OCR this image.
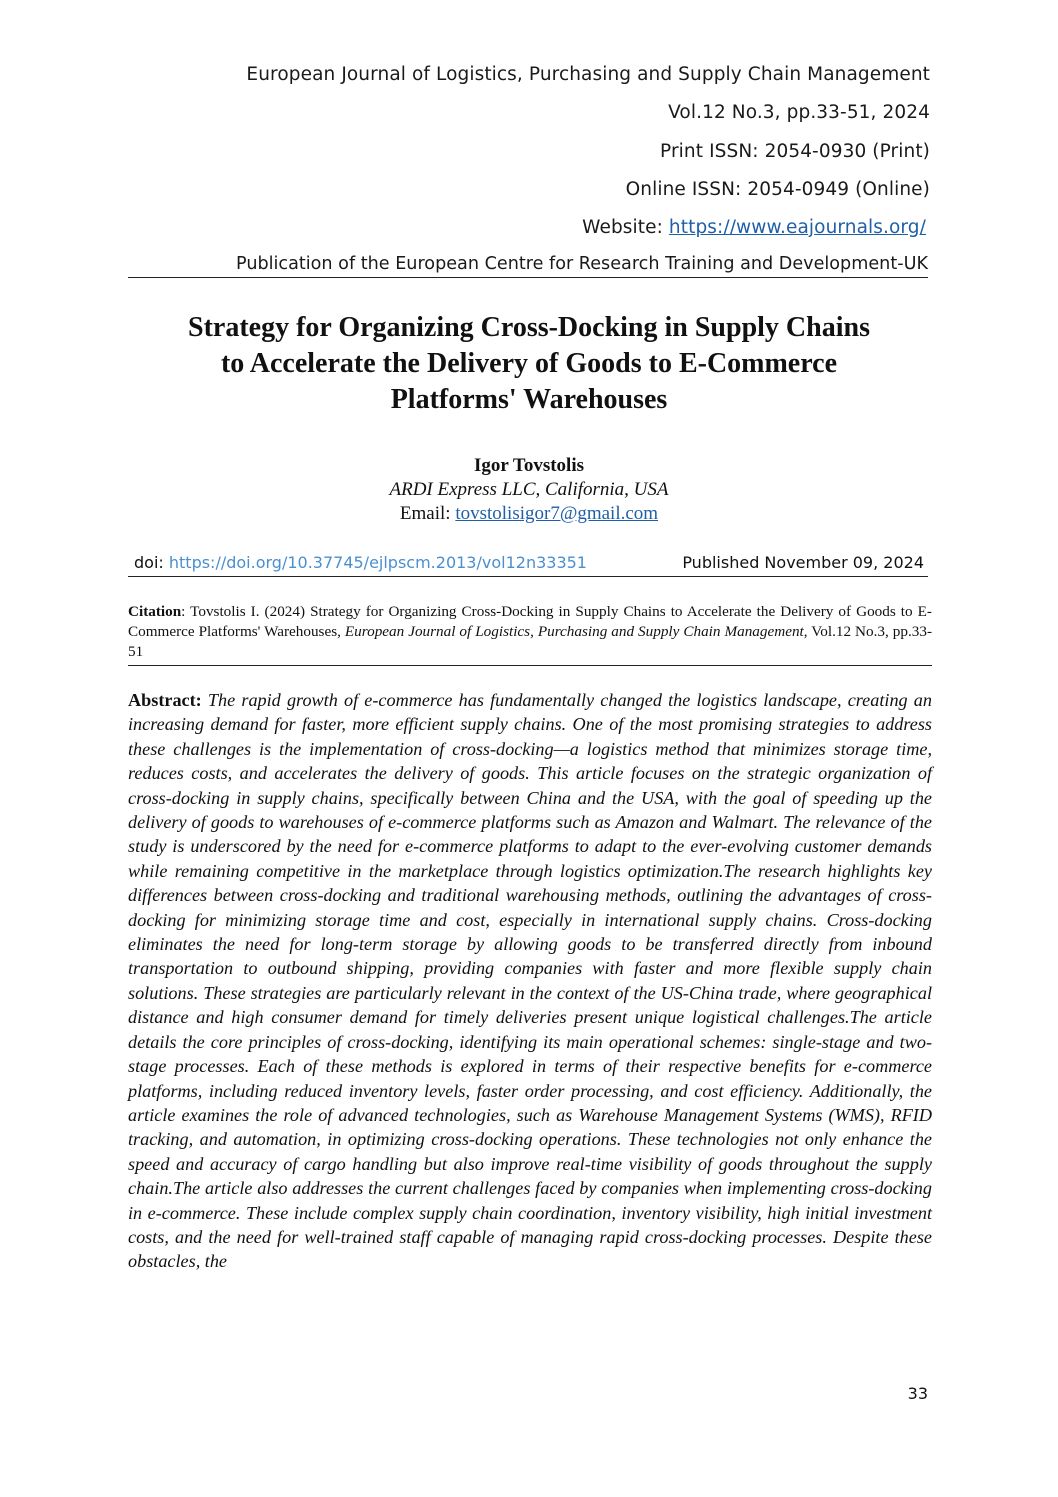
European Journal of Logistics, Purchasing and Supply Chain Management
Vol.12 No.3, pp.33-51, 2024
Print ISSN: 2054-0930 (Print)
Online ISSN: 2054-0949 (Online)
Website: https://www.eajournals.org/
Publication of the European Centre for Research Training and Development-UK
Strategy for Organizing Cross-Docking in Supply Chains
to Accelerate the Delivery of Goods to E-Commerce
Platforms' Warehouses
Igor Tovstolis
ARDI Express LLC, California, USA
Email: tovstolisigor7@gmail.com
doi: https://doi.org/10.37745/ejlpscm.2013/vol12n33351	Published November 09, 2024
Citation: Tovstolis I. (2024) Strategy for Organizing Cross-Docking in Supply Chains to Accelerate the Delivery of Goods to E-Commerce Platforms' Warehouses, European Journal of Logistics, Purchasing and Supply Chain Management, Vol.12 No.3, pp.33-51
Abstract: The rapid growth of e-commerce has fundamentally changed the logistics landscape, creating an increasing demand for faster, more efficient supply chains. One of the most promising strategies to address these challenges is the implementation of cross-docking—a logistics method that minimizes storage time, reduces costs, and accelerates the delivery of goods. This article focuses on the strategic organization of cross-docking in supply chains, specifically between China and the USA, with the goal of speeding up the delivery of goods to warehouses of e-commerce platforms such as Amazon and Walmart. The relevance of the study is underscored by the need for e-commerce platforms to adapt to the ever-evolving customer demands while remaining competitive in the marketplace through logistics optimization.The research highlights key differences between cross-docking and traditional warehousing methods, outlining the advantages of cross-docking for minimizing storage time and cost, especially in international supply chains. Cross-docking eliminates the need for long-term storage by allowing goods to be transferred directly from inbound transportation to outbound shipping, providing companies with faster and more flexible supply chain solutions. These strategies are particularly relevant in the context of the US-China trade, where geographical distance and high consumer demand for timely deliveries present unique logistical challenges.The article details the core principles of cross-docking, identifying its main operational schemes: single-stage and two-stage processes. Each of these methods is explored in terms of their respective benefits for e-commerce platforms, including reduced inventory levels, faster order processing, and cost efficiency. Additionally, the article examines the role of advanced technologies, such as Warehouse Management Systems (WMS), RFID tracking, and automation, in optimizing cross-docking operations. These technologies not only enhance the speed and accuracy of cargo handling but also improve real-time visibility of goods throughout the supply chain.The article also addresses the current challenges faced by companies when implementing cross-docking in e-commerce. These include complex supply chain coordination, inventory visibility, high initial investment costs, and the need for well-trained staff capable of managing rapid cross-docking processes. Despite these obstacles, the
33
